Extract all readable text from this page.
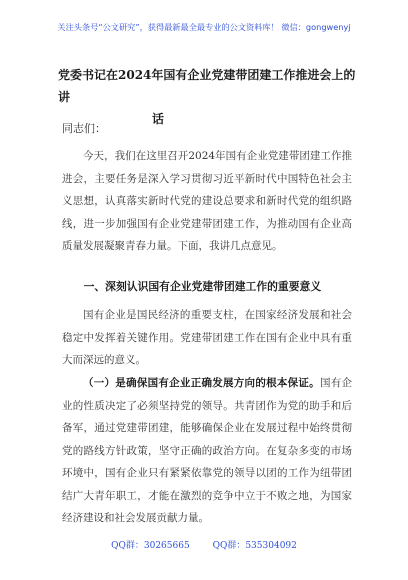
关注头条号“公文研究”，获得最新最全最专业的公文资料库！ 微信：gongwenyj
党委书记在2024年国有企业党建带团建工作推进会上的讲
话
同志们：
今天，我们在这里召开2024年国有企业党建带团建工作推进会，主要任务是深入学习贯彻习近平新时代中国特色社会主义思想，认真落实新时代党的建设总要求和新时代党的组织路线，进一步加强国有企业党建带团建工作，为推动国有企业高质量发展凝聚青春力量。下面，我讲几点意见。
一、深刻认识国有企业党建带团建工作的重要意义
国有企业是国民经济的重要支柱，在国家经济发展和社会稳定中发挥着关键作用。党建带团建工作在国有企业中具有重大而深远的意义。
（一）是确保国有企业正确发展方向的根本保证。国有企业的性质决定了必须坚持党的领导。共青团作为党的助手和后备军，通过党建带团建，能够确保企业在发展过程中始终贯彻党的路线方针政策，坚守正确的政治方向。在复杂多变的市场环境中，国有企业只有紧紧依靠党的领导以团的工作为纽带团结广大青年职工，才能在激烈的竞争中立于不败之地，为国家经济建设和社会发展贡献力量。
QQ群：30265665	QQ群：535304092
